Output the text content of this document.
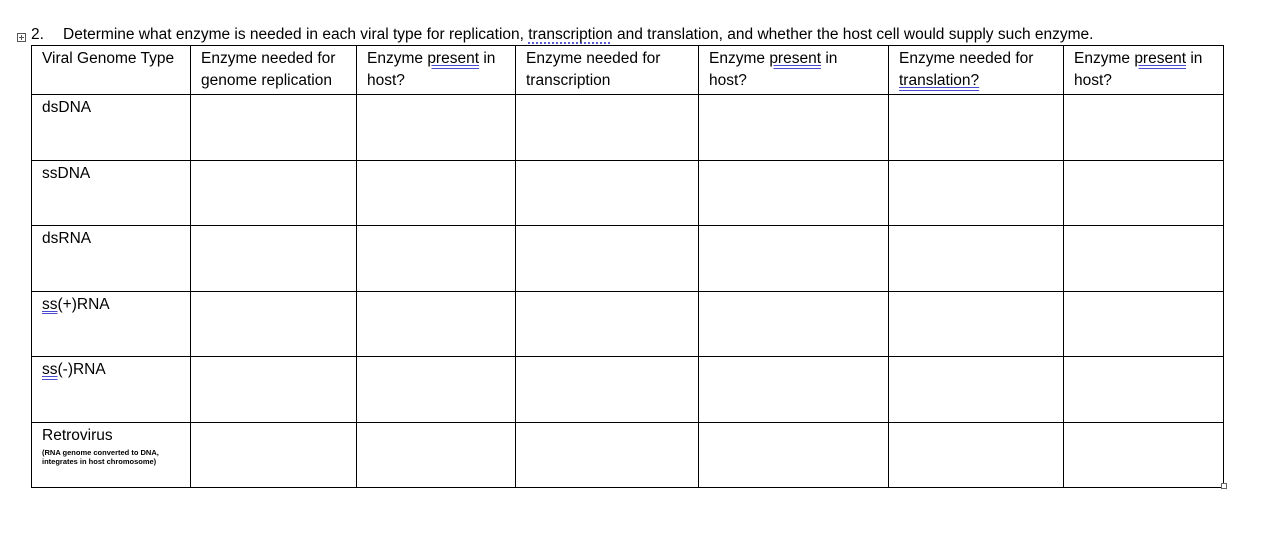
2. Determine what enzyme is needed in each viral type for replication, transcription and translation, and whether the host cell would supply such enzyme.
Viral Genome Type	Enzyme needed for genome replication	Enzyme present in host?	Enzyme needed for transcription	Enzyme present in host?	Enzyme needed for translation?	Enzyme present in host?
dsDNA						
ssDNA						
dsRNA						
ss(+)RNA						
ss(-)RNA						

Retrovirus
(RNA genome converted to DNA, integrates in host chromosome)						
